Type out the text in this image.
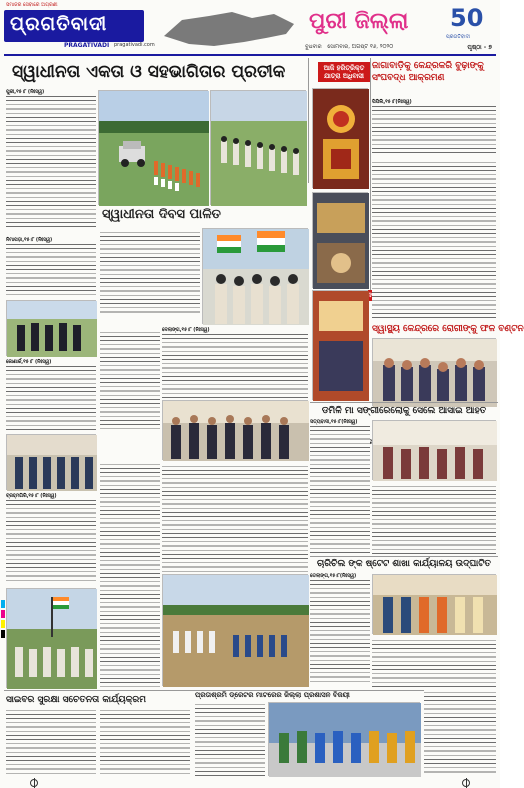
ସମାଜର ସେବାରେ ଅଗ୍ରଣୀ
ପ୍ରଗତିବାଦୀ
PRAGATIVADI pragativadi.com
ପୁରୀ ଜିଲ୍ଲା	50
ପ୍ରଗତିବାଦୀ
ବୁଧବାର ସୋମବାର, ଅଗଷ୍ଟ ୧୬, ୨୦୨୦	ପୃଷ୍ଠା - ୭
ସ୍ୱାଧୀନତା ଏକତା ଓ ସହଭାଗିତାର ପ୍ରତୀକ	ଆଜି ହରିତ୍ରିକ୍ତ ଯାତ୍ରା ଅଧିବାସୀ
ଜାଗାବାଡ଼ିକୁ କେନ୍ଦ୍ରକରି ବୁଢ଼ାଙ୍କୁ ସଂଘବଦ୍ଧ ଆକ୍ରମଣ
ପୁରୀ,୧୫।୮ (ନିଃସ୍ୱ)
ପିପିଲି,୧୫।୮(ନିଃସ୍ୱ)
ସ୍ୱାସ୍ଥ୍ୟ କେନ୍ଦ୍ରରେ ରୋଗୀଙ୍କୁ ଫଳ ବଣ୍ଟନ
ସ୍ୱାଧୀନତା ଦିବସ ପାଳିତ
ନିମାପଡ଼ା,୧୫।୮ (ନିଃସ୍ୱ)
କୋଣାର୍କ,୧୫।୮ (ନିଃସ୍ୱ)
ଦେଲାଙ୍ଗ,୧୫।୮ (ନିଃସ୍ୱ)
ଡମିଳି ମା ସଙ୍ଗୀରେଲୋକୁ ସେଲେ ଆସାଇ ଆହତ
ସତ୍ୟବାଦୀ,୧୫।୮(ନିଃସ୍ୱ)
ଚାରିଚିଲ ଙ୍କ ଷ୍ଟେଟ ଶାଖା କାର୍ଯ୍ୟାଳୟ ଉଦ୍‌ଘାଟିତ
ଡେଲାଙ୍ଗ,୧୫।୮(ନିଃସ୍ୱ)
ବ୍ରହ୍ମଗିରି,୧୫।୮ (ନିଃସ୍ୱ)
ସାଇବର ସୁରକ୍ଷା ସଚେତନତା କାର୍ଯ୍ୟକ୍ରମ	ପ୍ରତାଶ୍ରମି ଡ୍ରେଟର ମାଟରେର ଜିଲ୍ଲା ପ୍ରଶାସନ ବିଜୟୀ
